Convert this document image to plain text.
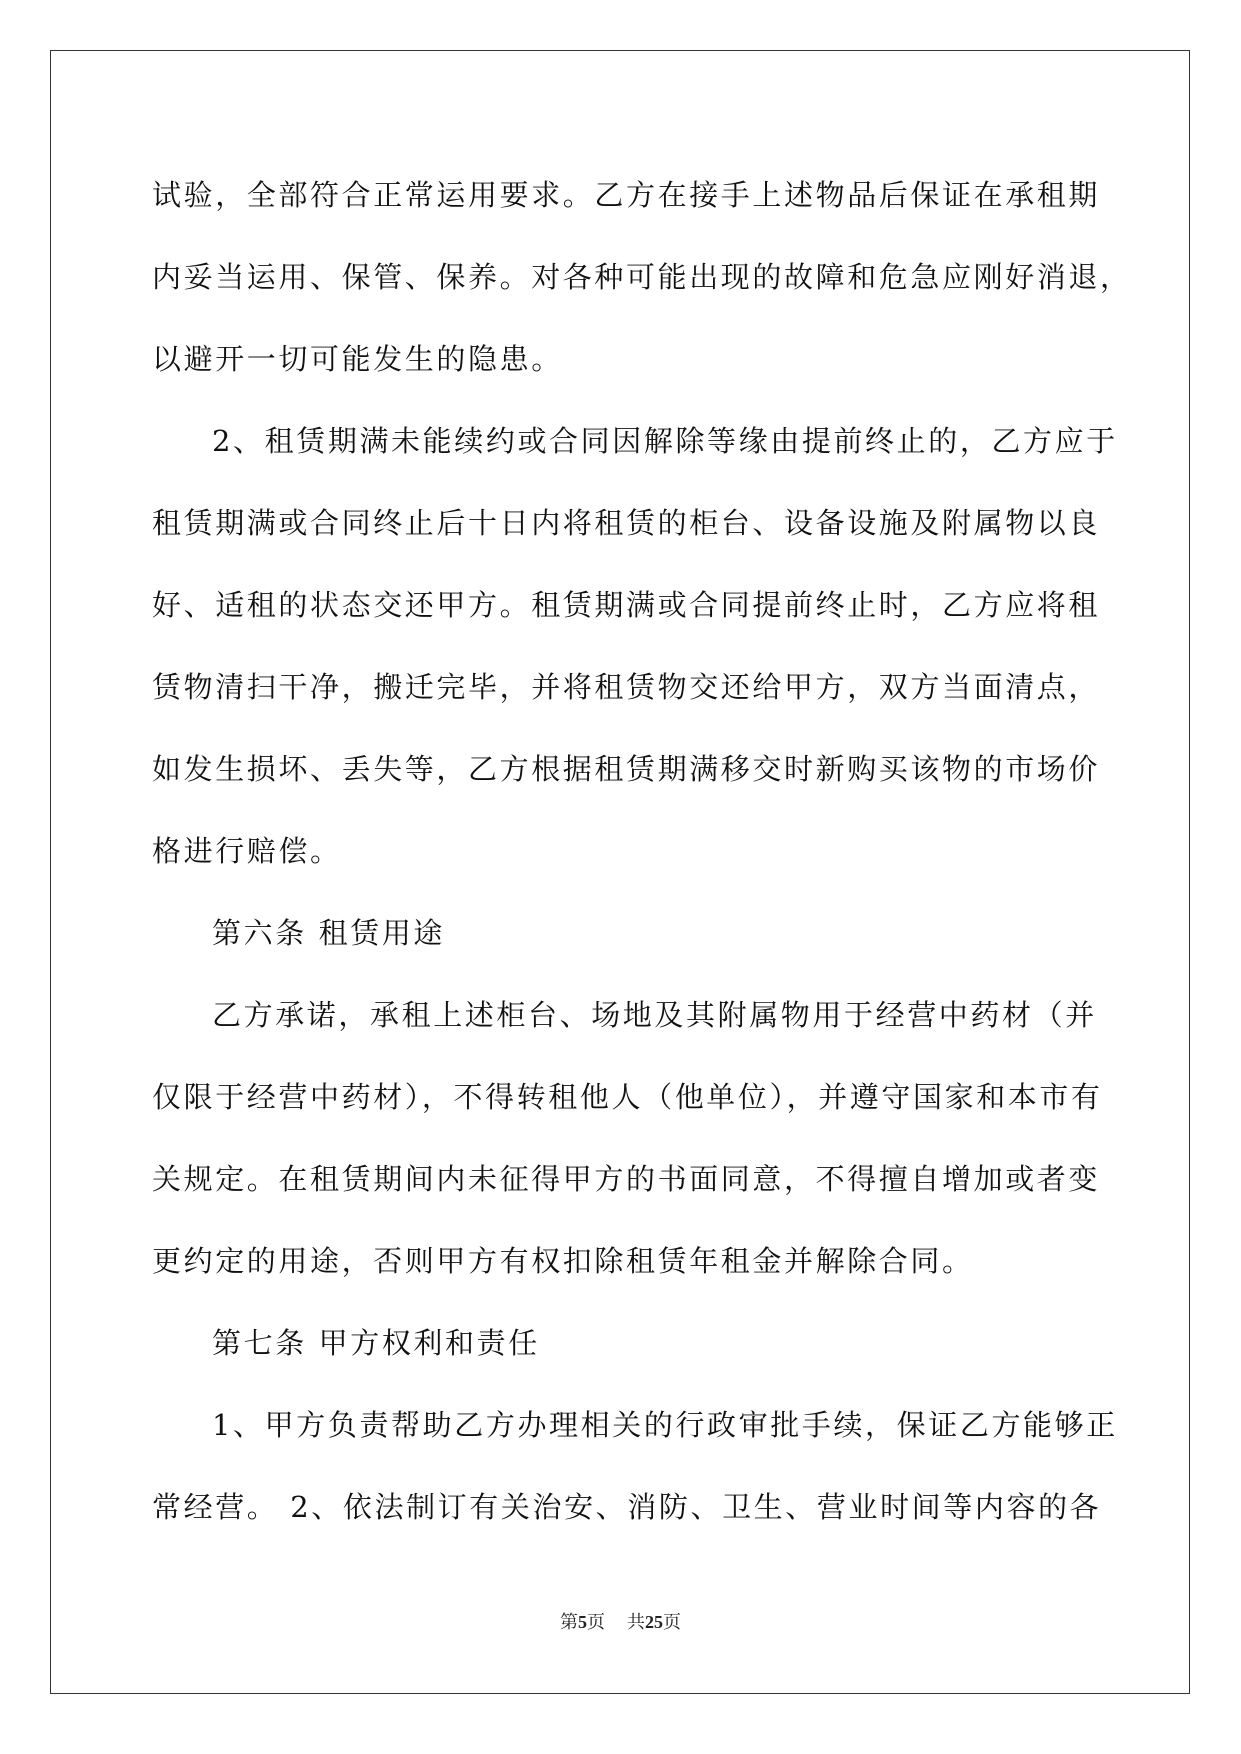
试验，全部符合正常运用要求。乙方在接手上述物品后保证在承租期
内妥当运用、保管、保养。对各种可能出现的故障和危急应刚好消退，
以避开一切可能发生的隐患。
2、租赁期满未能续约或合同因解除等缘由提前终止的，乙方应于
租赁期满或合同终止后十日内将租赁的柜台、设备设施及附属物以良
好、适租的状态交还甲方。租赁期满或合同提前终止时，乙方应将租
赁物清扫干净，搬迁完毕，并将租赁物交还给甲方，双方当面清点，
如发生损坏、丢失等，乙方根据租赁期满移交时新购买该物的市场价
格进行赔偿。
第六条 租赁用途
乙方承诺，承租上述柜台、场地及其附属物用于经营中药材（并
仅限于经营中药材），不得转租他人（他单位），并遵守国家和本市有
关规定。在租赁期间内未征得甲方的书面同意，不得擅自增加或者变
更约定的用途，否则甲方有权扣除租赁年租金并解除合同。
第七条 甲方权利和责任
1、甲方负责帮助乙方办理相关的行政审批手续，保证乙方能够正
常经营。 2、依法制订有关治安、消防、卫生、营业时间等内容的各
第5页 共25页
